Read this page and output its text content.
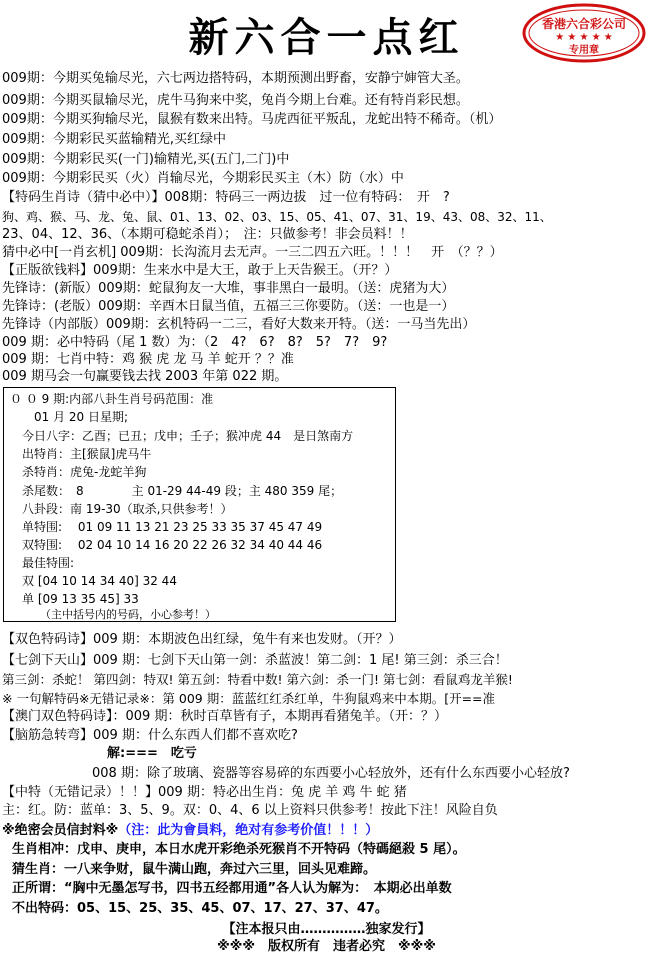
新六合一点红	香港六合彩公司
★ ★ ★ ★ ★
专用章
009期：今期买兔输尽光，六七两边搭特码，本期预测出野畜，安静宁婶管大圣。
009期：今期买鼠输尽光，虎牛马狗来中奖，兔肖今期上台难。还有特肖彩民想。
009期：今期买狗输尽光，鼠猴有数来出特。马虎西征平叛乱，龙蛇出特不稀奇。（机）
009期：今期彩民买蓝输精光,买红绿中
009期：今期彩民买(一门)输精光,买(五门,二门)中
009期：今期彩民买（火）肖输尽光，今期彩民买主（木）防（水）中
【特码生肖诗（猜中必中）】008期：特码三一两边拔　过一位有特码：　开　?
狗、鸡、猴、马、龙、兔、鼠、01、13、02、03、15、05、41、07、31、19、43、08、32、11、
23、04、12、36、（本期可稳蛇杀肖）；　注：只做参考！非会员料！！
猜中必中[一肖玄机] 009期：长沟流月去无声。一三二四五六旺。！！！　开　（？？）
【正版欲钱料】009期：生来水中是大王，敢于上天告猴王。（开？）
先锋诗：(新版）009期：蛇鼠狗友一大堆，事非黑白一最明。（送：虎猪为大）
先锋诗：(老版）009期：辛酉木日鼠当值，五福三三你要防。（送：一也是一）
先锋诗（内部版）009期：玄机特码一二三，看好大数来开特。（送：一马当先出）
009 期：必中特码（尾 1 数）为：（2　4?　6?　8?　5?　7?　9?
009 期：七肖中特：鸡 猴 虎 龙 马 羊 蛇开 ？？准
009 期马会一句赢要钱去找 2003 年第 022 期。
０ ０ 9 期:内部八卦生肖号码范围：准
01 月 20 日星期;
今日八字：乙酉；已丑；戊申；壬子；猴冲虎 44　是日煞南方
出特肖：主[猴鼠]虎马牛
杀特肖：虎兔-龙蛇羊狗
杀尾数：　8　　　　主 01-29 44-49 段；主 480 359 尾；
八卦段：南 19-30（取杀,只供参考！）
单特围:　 01 09 11 13 21 23 25 33 35 37 45 47 49
双特围:　 02 04 10 14 16 20 22 26 32 34 40 44 46
最佳特围:
双 [04 10 14 34 40] 32 44
单 [09 13 35 45] 33
（主中括号内的号码，小心参考！）
【双色特码诗】009 期：本期波色出红绿，兔牛有来也发财。（开？）
【七剑下天山】009 期：七剑下天山第一剑：杀蓝波！第二剑：1 尾! 第三剑：杀三合！
第三剑：杀蛇！ 第四剑：特双! 第五剑：特看中数! 第六剑：杀一门! 第七剑：看鼠鸡龙羊猴!
※ 一句解特码※无错记录※：第 009 期：蓝蓝红红杀红单，牛狗鼠鸡来中本期。[开==准
【澳门双色特码诗】：009 期：秋时百草皆有子，本期再看猪兔羊。（开：？）
【脑筋急转弯】009 期：什么东西人们都不喜欢吃?
解:===　吃亏
008 期：除了玻璃、瓷器等容易碎的东西要小心轻放外，还有什么东西要小心轻放?
【中特（无错记录）！！】009 期：特必出生肖：兔 虎 羊 鸡 牛 蛇 猪
主：红。防：蓝单：3、5、9。双：0、4、6 以上资料只供参考！按此下注！风险自负
※绝密会员信封料※（注：此为會員料，绝对有参考价值！！！）
生肖相冲：戊申、庚申，本日水虎开彩绝杀死猴肖不开特码（特碼絕殺 5 尾）。
猜生肖：一八来争财，鼠牛满山跑，奔过六三里，回头见难蹄。
正所谓：“胸中无墨怎写书，四书五经都用通”各人认为解为：　本期必出单数
不出特码：05、15、25、35、45、07、17、27、37、47。
【注本报只由……………独家发行】
※※※　版权所有　违者必究　※※※
